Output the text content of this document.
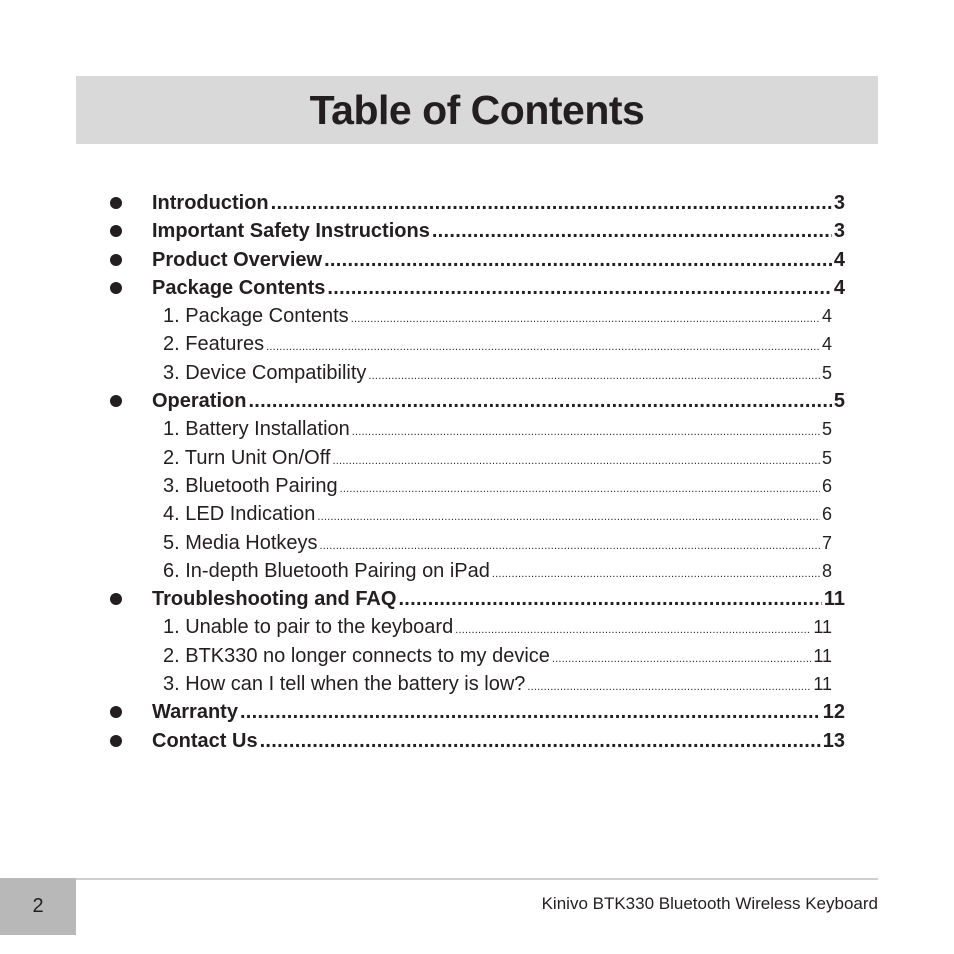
Table of Contents
Introduction .....	3
Important Safety Instructions .....	3
Product Overview .....	4
Package Contents .....	4
1. Package Contents .....	4
2. Features .....	4
3. Device Compatibility .....	5
Operation .....	5
1. Battery Installation .....	5
2. Turn Unit On/Off .....	5
3. Bluetooth Pairing .....	6
4. LED Indication .....	6
5. Media Hotkeys .....	7
6. In-depth Bluetooth Pairing on iPad .....	8
Troubleshooting and FAQ .....	11
1. Unable to pair to the keyboard .....	11
2. BTK330 no longer connects to my device .....	11
3. How can I tell when the battery is low? .....	11
Warranty .....	12
Contact Us .....	13
2	Kinivo BTK330 Bluetooth Wireless Keyboard
